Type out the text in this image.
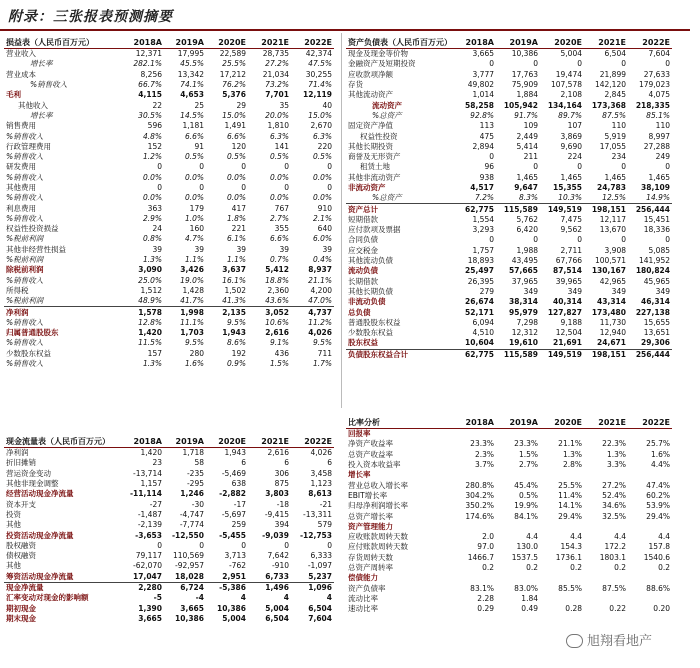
附录：三张报表预测摘要
损益表（人民币百万元）	2018A	2019A	2020E	2021E	2022E
营业收入	12,371	17,995	22,589	28,735	42,374
增长率	282.1%	45.5%	25.5%	27.2%	47.5%
营业成本	8,256	13,342	17,212	21,034	30,255
%销售收入	66.7%	74.1%	76.2%	73.2%	71.4%
毛利	4,115	4,653	5,376	7,701	12,119
其他收入	22	25	29	35	40
增长率	30.5%	14.5%	15.0%	20.0%	15.0%
销售费用	596	1,181	1,491	1,810	2,670
%销售收入	4.8%	6.6%	6.6%	6.3%	6.3%
行政管理费用	152	91	120	141	220
%销售收入	1.2%	0.5%	0.5%	0.5%	0.5%
研发费用	0	0	0	0	0
%销售收入	0.0%	0.0%	0.0%	0.0%	0.0%
其他费用	0	0	0	0	0
%销售收入	0.0%	0.0%	0.0%	0.0%	0.0%
利息费用	363	179	417	767	910
%销售收入	2.9%	1.0%	1.8%	2.7%	2.1%
权益性投资损益	24	160	221	355	640
%税前利润	0.8%	4.7%	6.1%	6.6%	6.0%
其他非经营性损益	39	39	39	39	39
%税前利润	1.3%	1.1%	1.1%	0.7%	0.4%
除税前利润	3,090	3,426	3,637	5,412	8,937
%销售收入	25.0%	19.0%	16.1%	18.8%	21.1%
所得税	1,512	1,428	1,502	2,360	4,200
%税前利润	48.9%	41.7%	41.3%	43.6%	47.0%
净利润	1,578	1,998	2,135	3,052	4,737
%销售收入	12.8%	11.1%	9.5%	10.6%	11.2%
归属普通股股东	1,420	1,703	1,943	2,616	4,026
%销售收入	11.5%	9.5%	8.6%	9.1%	9.5%
少数股东权益	157	280	192	436	711
%销售收入	1.3%	1.6%	0.9%	1.5%	1.7%
资产负债表（人民币百万元）	2018A	2019A	2020E	2021E	2022E
现金及现金等价物	3,665	10,386	5,004	6,504	7,604
金融资产及短期投资	0	0	0	0	0
应收款项净额	3,777	17,763	19,474	21,899	27,633
存货	49,802	75,909	107,578	142,120	179,023
其他流动资产	1,014	1,884	2,108	2,845	4,075
流动资产	58,258	105,942	134,164	173,368	218,335
%总资产	92.8%	91.7%	89.7%	87.5%	85.1%
固定资产净值	113	109	107	110	110
权益性投资	475	2,449	3,869	5,919	8,997
其他长期投资	2,894	5,414	9,690	17,055	27,288
商誉及无形资产	0	211	224	234	249
租赁土地	96	0	0	0	0
其他非流动资产	938	1,465	1,465	1,465	1,465
非流动资产	4,517	9,647	15,355	24,783	38,109
%总资产	7.2%	8.3%	10.3%	12.5%	14.9%
资产总计	62,775	115,589	149,519	198,151	256,444
短期借款	1,554	5,762	7,475	12,117	15,451
应付款项及票据	3,293	6,420	9,562	13,670	18,336
合同负债	0	0	0	0	0
应交税金	1,757	1,988	2,711	3,908	5,085
其他流动负债	18,893	43,495	67,766	100,571	141,952
流动负债	25,497	57,665	87,514	130,167	180,824
长期借款	26,395	37,965	39,965	42,965	45,965
其他长期负债	279	349	349	349	349
非流动负债	26,674	38,314	40,314	43,314	46,314
总负债	52,171	95,979	127,827	173,480	227,138
普通股股东权益	6,094	7,298	9,188	11,730	15,655
少数股东权益	4,510	12,312	12,504	12,940	13,651
股东权益	10,604	19,610	21,691	24,671	29,306
负债股东权益合计	62,775	115,589	149,519	198,151	256,444
现金流量表（人民币百万元）	2018A	2019A	2020E	2021E	2022E
净利润	1,420	1,718	1,943	2,616	4,026
折旧摊销	23	58	6	6	6
营运资金变动	-13,714	-235	-5,469	306	3,458
其他非现金调整	1,157	-295	638	875	1,123
经营活动现金净流量	-11,114	1,246	-2,882	3,803	8,613
资本开支	-27	-30	-17	-18	-21
投资	-1,487	-4,747	-5,697	-9,415	-13,311
其他	-2,139	-7,774	259	394	579
投资活动现金净流量	-3,653	-12,550	-5,455	-9,039	-12,753
股权融资	0	0	0	0	0
债权融资	79,117	110,569	3,713	7,642	6,333
其他	-62,070	-92,957	-762	-910	-1,097
筹资活动现金净流量	17,047	18,028	2,951	6,733	5,237
现金净流量	2,280	6,724	-5,386	1,496	1,096
汇率变动对现金的影响额	-5	-4	4	4	4
期初现金	1,390	3,665	10,386	5,004	6,504
期末现金	3,665	10,386	5,004	6,504	7,604
比率分析	2018A	2019A	2020E	2021E	2022E
回报率					
净资产收益率	23.3%	23.3%	21.1%	22.3%	25.7%
总资产收益率	2.3%	1.5%	1.3%	1.3%	1.6%
投入资本收益率	3.7%	2.7%	2.8%	3.3%	4.4%
增长率					
营业总收入增长率	280.8%	45.4%	25.5%	27.2%	47.4%
EBIT增长率	304.2%	0.5%	11.4%	52.4%	60.2%
归母净利润增长率	350.2%	19.9%	14.1%	34.6%	53.9%
总资产增长率	174.6%	84.1%	29.4%	32.5%	29.4%
资产管理能力					
应收账款周转天数	2.0	4.4	4.4	4.4	4.4
应付账款周转天数	97.0	130.0	154.3	172.2	157.8
存货周转天数	1466.7	1537.5	1736.1	1803.1	1540.6
总资产周转率	0.2	0.2	0.2	0.2	0.2
偿债能力					
资产负债率	83.1%	83.0%	85.5%	87.5%	88.6%
流动比率	2.28	1.84			
速动比率	0.29	0.49	0.28	0.22	0.20
旭翔看地产
